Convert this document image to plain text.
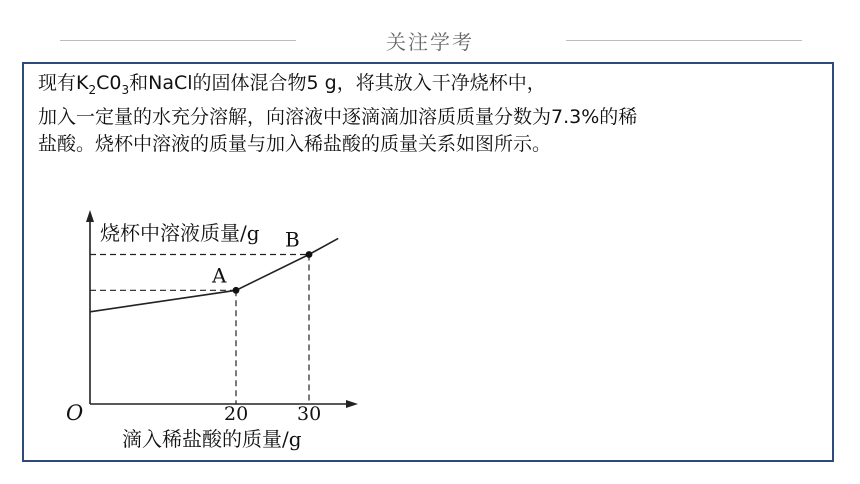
关注学考

现有$K_2C0_3$和NaCl的固体混合物5 g，将其放入干净烧杯中，

加入一定量的水充分溶解，向溶液中逐滴滴加溶质质量分数为7.3%的稀

盐酸。烧杯中溶液的质量与加入稀盐酸的质量关系如图所示。

烧杯中溶液质量/g
滴入稀盐酸的质量/g
O	20	30
A
B
